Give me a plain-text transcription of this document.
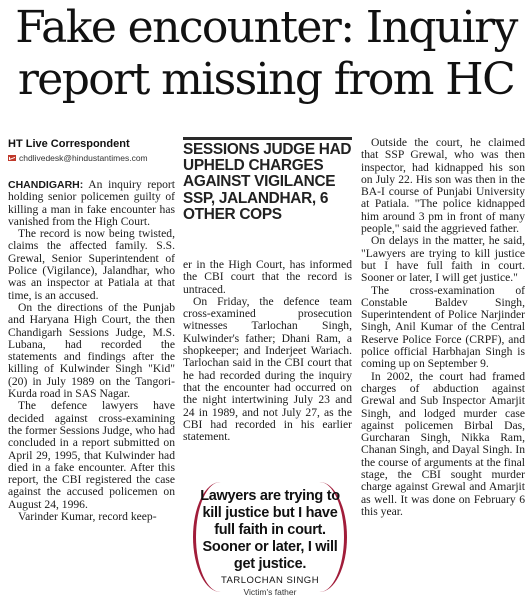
Fake encounter: Inquiry
report missing from HC
HT Live Correspondent
chdlivedesk@hindustantimes.com

CHANDIGARH: An inquiry report holding senior policemen guilty of killing a man in fake encounter has vanished from the High Court.

The record is now being twisted, claims the affected family. S.S. Grewal, Senior Superintendent of Police (Vigilance), Jalandhar, who was an inspector at Patiala at that time, is an accused.

On the directions of the Punjab and Haryana High Court, the then Chandigarh Sessions Judge, M.S. Lubana, had recorded the statements and findings after the killing of Kulwinder Singh "Kid" (20) in July 1989 on the Tangori-Kurda road in SAS Nagar.

The defence lawyers have decided against cross-examining the former Sessions Judge, who had concluded in a report submitted on April 29, 1995, that Kulwinder had died in a fake encounter. After this report, the CBI registered the case against the accused policemen on August 24, 1996.

Varinder Kumar, record keep-

SESSIONS JUDGE HAD UPHELD CHARGES AGAINST VIGILANCE SSP, JALANDHAR, 6 OTHER COPS

er in the High Court, has informed the CBI court that the record is untraced.

On Friday, the defence team cross-examined prosecution witnesses Tarlochan Singh, Kulwinder's father; Dhani Ram, a shopkeeper; and Inderjeet Wariach. Tarlochan said in the CBI court that he had recorded during the inquiry that the encounter had occurred on the night intertwining July 23 and 24 in 1989, and not July 27, as the CBI had recorded in his earlier statement.

Lawyers are trying to kill justice but I have full faith in court. Sooner or later, I will get justice.
TARLOCHAN SINGH
Victim's father

Outside the court, he claimed that SSP Grewal, who was then inspector, had kidnapped his son on July 22. His son was then in the BA-I course of Punjabi University at Patiala. "The police kidnapped him around 3 pm in front of many people," said the aggrieved father.

On delays in the matter, he said, "Lawyers are trying to kill justice but I have full faith in court. Sooner or later, I will get justice."

The cross-examination of Constable Baldev Singh, Superintendent of Police Narjinder Singh, Anil Kumar of the Central Reserve Police Force (CRPF), and police official Harbhajan Singh is coming up on September 9.

In 2002, the court had framed charges of abduction against Grewal and Sub Inspector Amarjit Singh, and lodged murder case against policemen Birbal Das, Gurcharan Singh, Nikka Ram, Chanan Singh, and Dayal Singh. In the course of arguments at the final stage, the CBI sought murder charge against Grewal and Amarjit as well. It was done on February 6 this year.
